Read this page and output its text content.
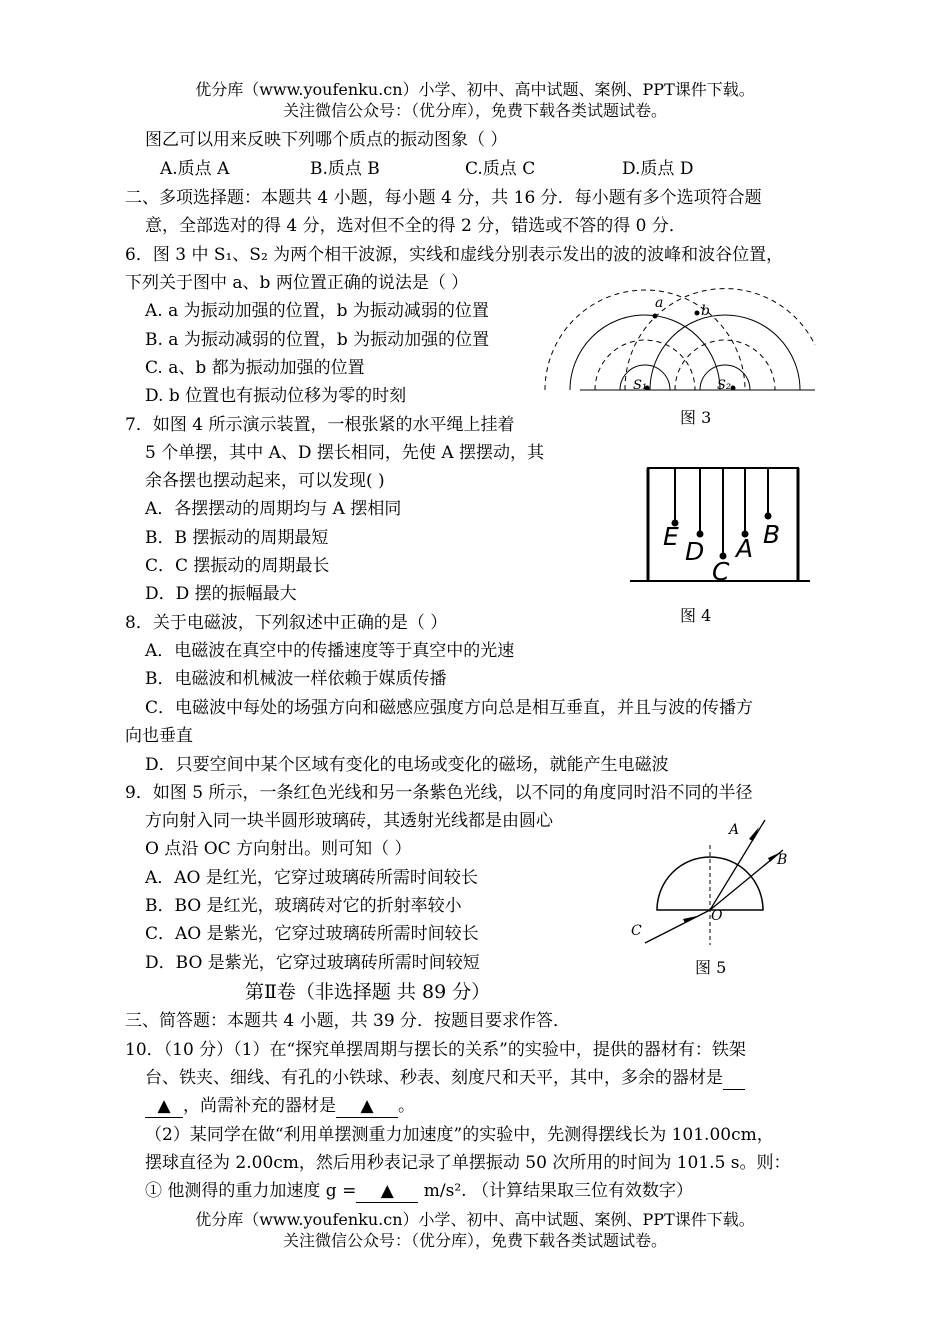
优分库（www.youfenku.cn）小学、初中、高中试题、案例、PPT课件下载。
关注微信公众号：（优分库），免费下载各类试题试卷。
图乙可以用来反映下列哪个质点的振动图象（ ）
A.质点 A	B.质点 B	C.质点 C	D.质点 D
二、多项选择题：本题共 4 小题，每小题 4 分，共 16 分．每小题有多个选项符合题
意，全部选对的得 4 分，选对但不全的得 2 分，错选或不答的得 0 分．
6．图 3 中 S₁、S₂ 为两个相干波源，实线和虚线分别表示发出的波的波峰和波谷位置，
下列关于图中 a、b 两位置正确的说法是（ ）
A. a 为振动加强的位置，b 为振动减弱的位置
B. a 为振动减弱的位置，b 为振动加强的位置
C. a、b 都为振动加强的位置
D. b 位置也有振动位移为零的时刻
a	b
S₁	S₂
图 3
7．如图 4 所示演示装置，一根张紧的水平绳上挂着
5 个单摆，其中 A、D 摆长相同，先使 A 摆摆动，其
余各摆也摆动起来，可以发现( )
A．各摆摆动的周期均与 A 摆相同
B．B 摆振动的周期最短
C．C 摆振动的周期最长
D．D 摆的振幅最大
E
D
C
A B
图 4
8．关于电磁波，下列叙述中正确的是（ ）
A．电磁波在真空中的传播速度等于真空中的光速
B．电磁波和机械波一样依赖于媒质传播
C．电磁波中每处的场强方向和磁感应强度方向总是相互垂直，并且与波的传播方
向也垂直
D．只要空间中某个区域有变化的电场或变化的磁场，就能产生电磁波
9．如图 5 所示，一条红色光线和另一条紫色光线，以不同的角度同时沿不同的半径
方向射入同一块半圆形玻璃砖，其透射光线都是由圆心
O 点沿 OC 方向射出。则可知（ ）
A．AO 是红光，它穿过玻璃砖所需时间较长
B．BO 是红光，玻璃砖对它的折射率较小
C．AO 是紫光，它穿过玻璃砖所需时间较长
D．BO 是紫光，它穿过玻璃砖所需时间较短
A
B
C
O
图 5
第Ⅱ卷（非选择题 共 89 分）
三、简答题：本题共 4 小题，共 39 分．按题目要求作答．
10．（10 分）（1）在“探究单摆周期与摆长的关系”的实验中，提供的器材有：铁架
台、铁夹、细线、有孔的小铁球、秒表、刻度尺和天平，其中，多余的器材是
▲ ，尚需补充的器材是 ▲ 。
（2）某同学在做“利用单摆测重力加速度”的实验中，先测得摆线长为 101.00cm，
摆球直径为 2.00cm，然后用秒表记录了单摆振动 50 次所用的时间为 101.5 s。则：
① 他测得的重力加速度 g = ▲ m/s². （计算结果取三位有效数字）
优分库（www.youfenku.cn）小学、初中、高中试题、案例、PPT课件下载。
关注微信公众号：（优分库），免费下载各类试题试卷。
